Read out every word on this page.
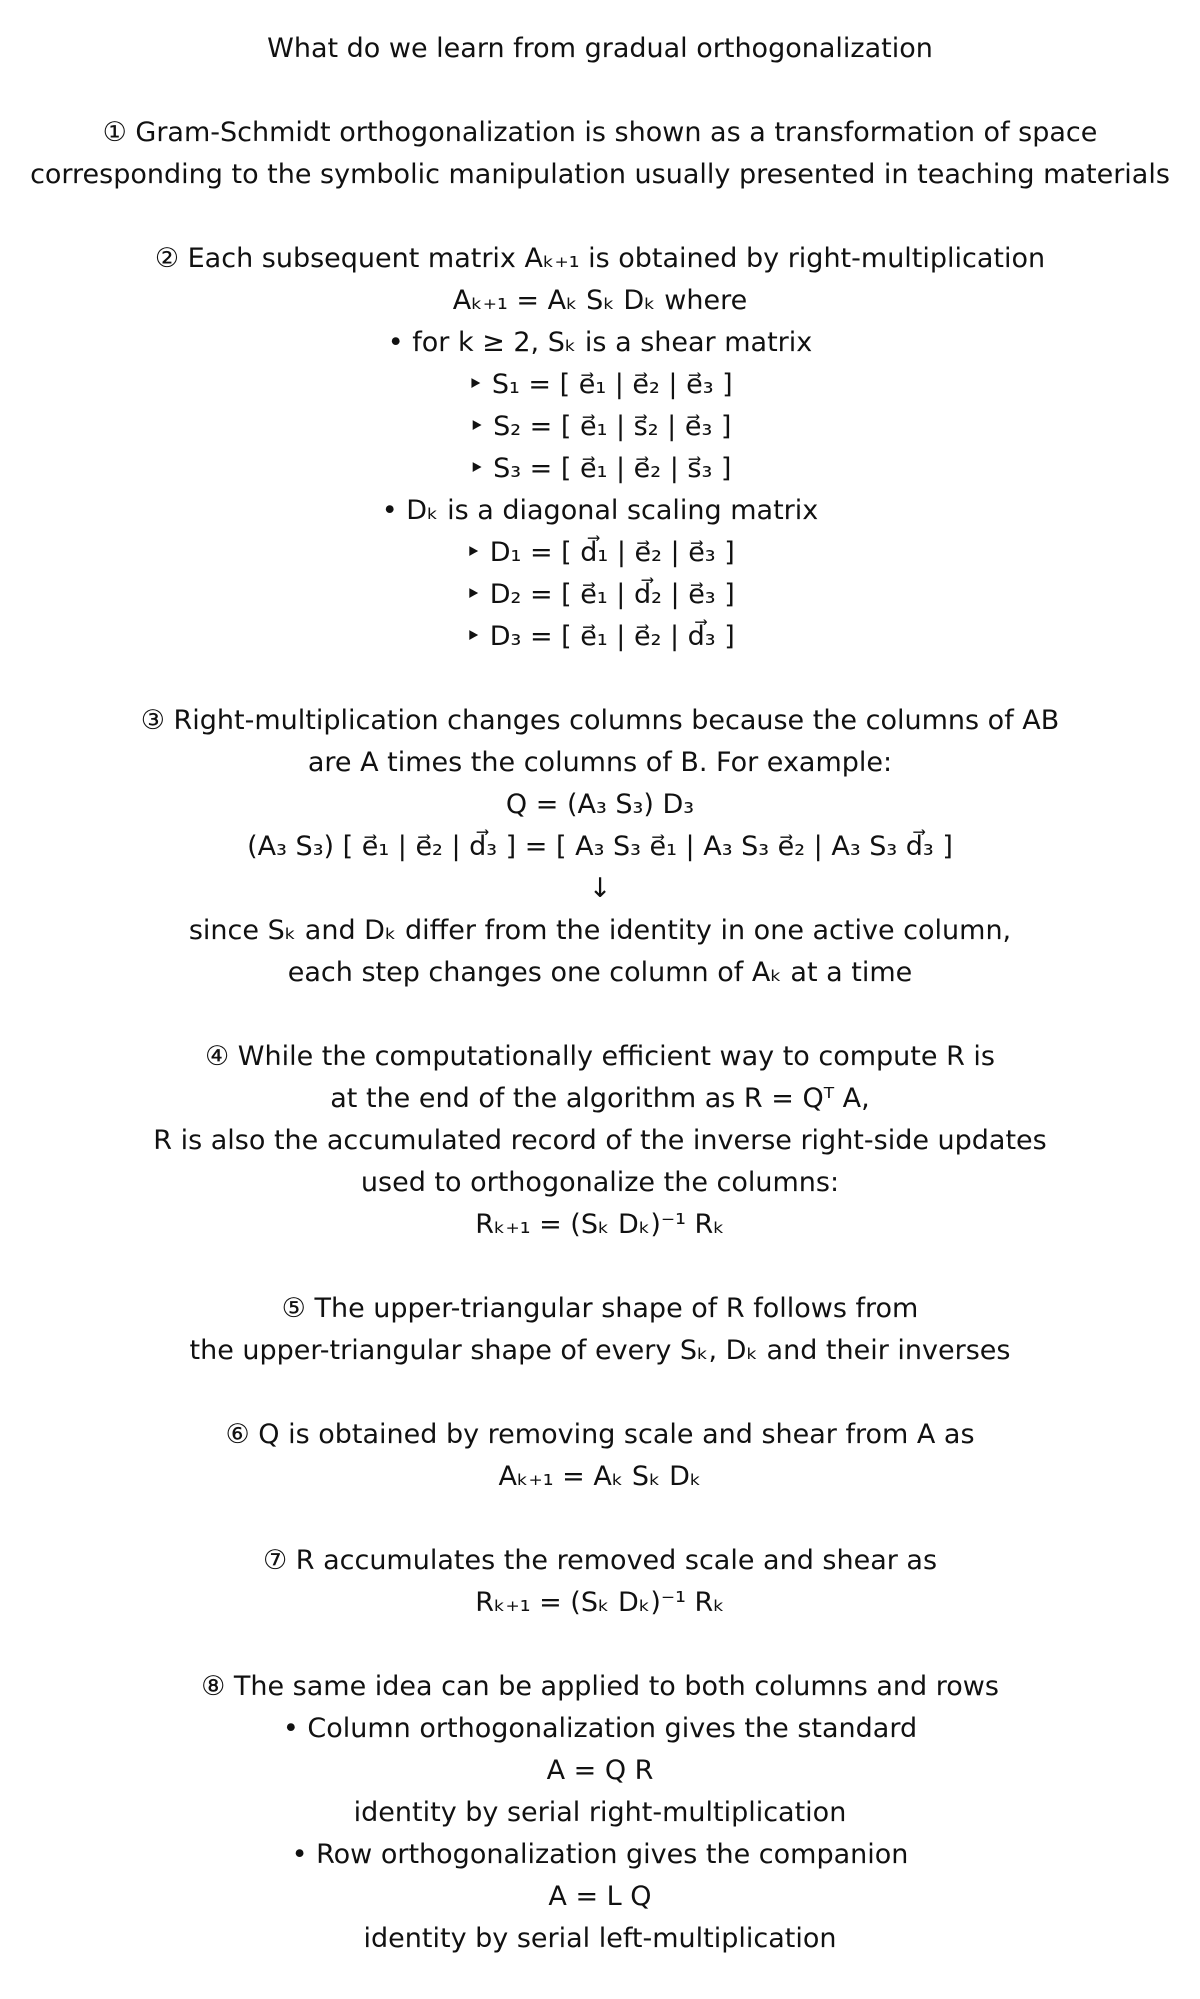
What do we learn from gradual orthogonalization
① Gram-Schmidt orthogonalization is shown as a transformation of space
corresponding to the symbolic manipulation usually presented in teaching materials
② Each subsequent matrix Aₖ₊₁ is obtained by right-multiplication
Aₖ₊₁ = Aₖ Sₖ Dₖ where
• for k ≥ 2, Sₖ is a shear matrix
‣ S₁ = [ e⃗₁ | e⃗₂ | e⃗₃ ]
‣ S₂ = [ e⃗₁ | s⃗₂ | e⃗₃ ]
‣ S₃ = [ e⃗₁ | e⃗₂ | s⃗₃ ]
• Dₖ is a diagonal scaling matrix
‣ D₁ = [ d⃗₁ | e⃗₂ | e⃗₃ ]
‣ D₂ = [ e⃗₁ | d⃗₂ | e⃗₃ ]
‣ D₃ = [ e⃗₁ | e⃗₂ | d⃗₃ ]
③ Right-multiplication changes columns because the columns of AB
are A times the columns of B. For example:
Q = (A₃ S₃) D₃
(A₃ S₃) [ e⃗₁ | e⃗₂ | d⃗₃ ] = [ A₃ S₃ e⃗₁ | A₃ S₃ e⃗₂ | A₃ S₃ d⃗₃ ]
↓
since Sₖ and Dₖ differ from the identity in one active column,
each step changes one column of Aₖ at a time
④ While the computationally efficient way to compute R is
at the end of the algorithm as R = Qᵀ A,
R is also the accumulated record of the inverse right-side updates
used to orthogonalize the columns:
Rₖ₊₁ = (Sₖ Dₖ)⁻¹ Rₖ
⑤ The upper-triangular shape of R follows from
the upper-triangular shape of every Sₖ, Dₖ and their inverses
⑥ Q is obtained by removing scale and shear from A as
Aₖ₊₁ = Aₖ Sₖ Dₖ
⑦ R accumulates the removed scale and shear as
Rₖ₊₁ = (Sₖ Dₖ)⁻¹ Rₖ
⑧ The same idea can be applied to both columns and rows
• Column orthogonalization gives the standard
A = Q R
identity by serial right-multiplication
• Row orthogonalization gives the companion
A = L Q
identity by serial left-multiplication
